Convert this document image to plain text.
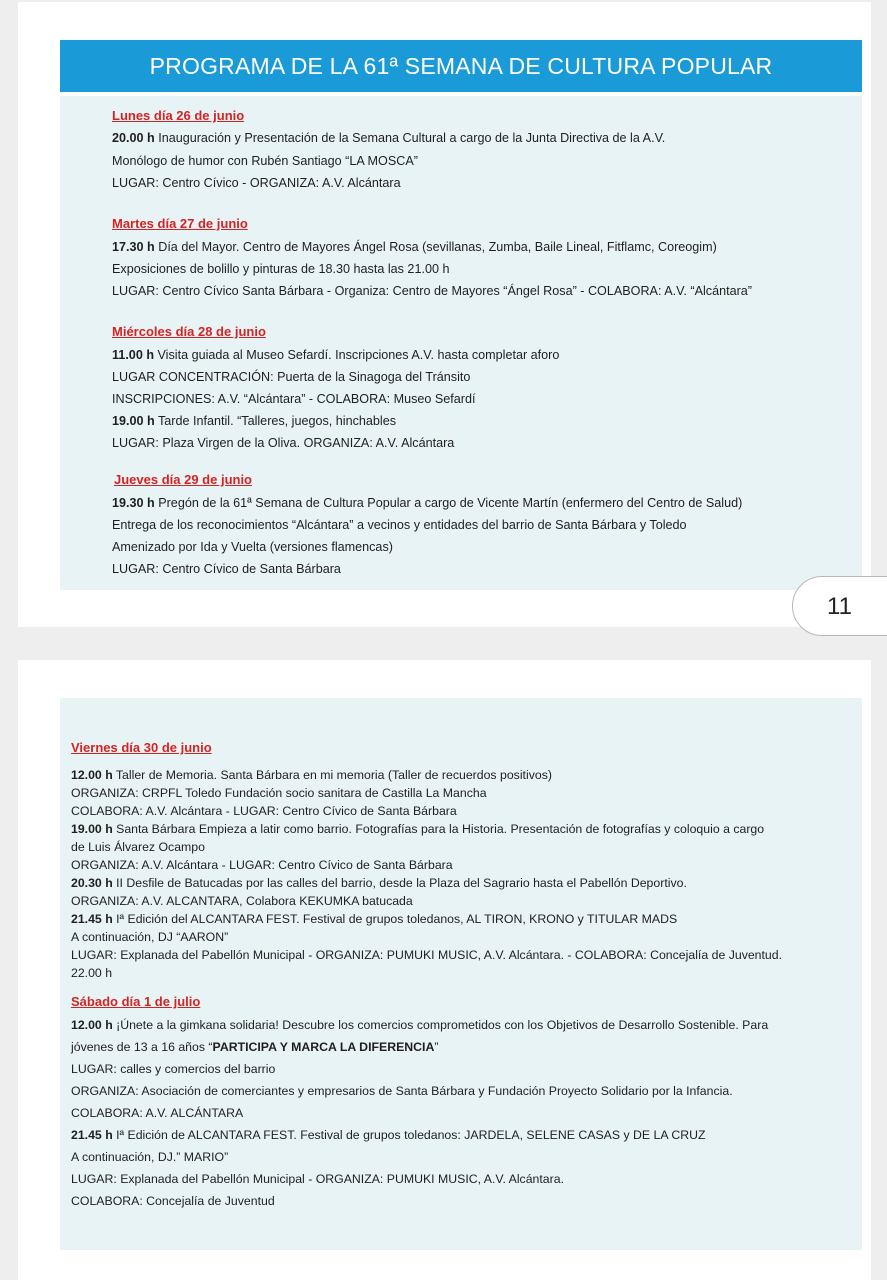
PROGRAMA DE LA 61ª SEMANA DE CULTURA POPULAR
Lunes día 26 de junio
20.00 h Inauguración y Presentación de la Semana Cultural a cargo de la Junta Directiva de la A.V.
Monólogo de humor con Rubén Santiago “LA MOSCA”
LUGAR: Centro Cívico - ORGANIZA: A.V. Alcántara
Martes día 27 de junio
17.30 h Día del Mayor. Centro de Mayores Ángel Rosa (sevillanas, Zumba, Baile Lineal, Fitflamc, Coreogim)
Exposiciones de bolillo y pinturas de 18.30 hasta las 21.00 h
LUGAR: Centro Cívico Santa Bárbara - Organiza: Centro de Mayores “Ángel Rosa” - COLABORA: A.V. “Alcántara”
Miércoles día 28 de junio
11.00 h Visita guiada al Museo Sefardí. Inscripciones A.V. hasta completar aforo
LUGAR CONCENTRACIÓN: Puerta de la Sinagoga del Tránsito
INSCRIPCIONES: A.V. “Alcántara” - COLABORA: Museo Sefardí
19.00 h Tarde Infantil. “Talleres, juegos, hinchables
LUGAR: Plaza Virgen de la Oliva. ORGANIZA: A.V. Alcántara
Jueves día 29 de junio
19.30 h Pregón de la 61ª Semana de Cultura Popular a cargo de Vicente Martín (enfermero del Centro de Salud)
Entrega de los reconocimientos “Alcántara” a vecinos y entidades del barrio de Santa Bárbara y Toledo
Amenizado por Ida y Vuelta (versiones flamencas)
LUGAR: Centro Cívico de Santa Bárbara
11
Viernes día 30 de junio
12.00 h Taller de Memoria. Santa Bárbara en mi memoria (Taller de recuerdos positivos)
ORGANIZA: CRPFL Toledo Fundación socio sanitara de Castilla La Mancha
COLABORA: A.V. Alcántara - LUGAR: Centro Cívico de Santa Bárbara
19.00 h Santa Bárbara Empieza a latir como barrio. Fotografías para la Historia. Presentación de fotografías y coloquio a cargo
de Luis Álvarez Ocampo
ORGANIZA: A.V. Alcántara - LUGAR: Centro Cívico de Santa Bárbara
20.30 h II Desfile de Batucadas por las calles del barrio, desde la Plaza del Sagrario hasta el Pabellón Deportivo.
ORGANIZA: A.V. ALCANTARA, Colabora KEKUMKA batucada
21.45 h Iª Edición del ALCANTARA FEST. Festival de grupos toledanos, AL TIRON, KRONO y TITULAR MADS
A continuación, DJ “AARON”
LUGAR: Explanada del Pabellón Municipal - ORGANIZA: PUMUKI MUSIC, A.V. Alcántara. - COLABORA: Concejalía de Juventud.
22.00 h
Sábado día 1 de julio
12.00 h ¡Únete a la gimkana solidaria! Descubre los comercios comprometidos con los Objetivos de Desarrollo Sostenible. Para
jóvenes de 13 a 16 años “PARTICIPA Y MARCA LA DIFERENCIA”
LUGAR: calles y comercios del barrio
ORGANIZA: Asociación de comerciantes y empresarios de Santa Bárbara y Fundación Proyecto Solidario por la Infancia.
COLABORA: A.V. ALCÁNTARA
21.45 h Iª Edición de ALCANTARA FEST. Festival de grupos toledanos: JARDELA, SELENE CASAS y DE LA CRUZ
A continuación, DJ.” MARIO”
LUGAR: Explanada del Pabellón Municipal - ORGANIZA: PUMUKI MUSIC, A.V. Alcántara.
COLABORA: Concejalía de Juventud
